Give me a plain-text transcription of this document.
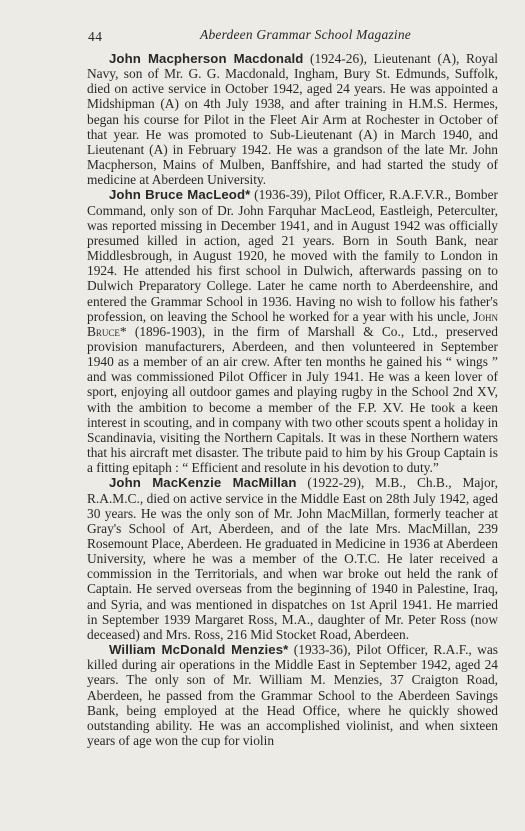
44	Aberdeen Grammar School Magazine

John Macpherson Macdonald (1924-26), Lieutenant (A), Royal Navy, son of Mr. G. G. Macdonald, Ingham, Bury St. Edmunds, Suffolk, died on active service in October 1942, aged 24 years. He was appointed a Midshipman (A) on 4th July 1938, and after training in H.M.S. Hermes, began his course for Pilot in the Fleet Air Arm at Rochester in October of that year. He was promoted to Sub-Lieutenant (A) in March 1940, and Lieutenant (A) in February 1942. He was a grandson of the late Mr. John Macpherson, Mains of Mulben, Banffshire, and had started the study of medicine at Aberdeen University.

John Bruce MacLeod* (1936-39), Pilot Officer, R.A.F.V.R., Bomber Command, only son of Dr. John Farquhar MacLeod, Eastleigh, Peterculter, was reported missing in December 1941, and in August 1942 was officially presumed killed in action, aged 21 years. Born in South Bank, near Middlesbrough, in August 1920, he moved with the family to London in 1924. He attended his first school in Dulwich, afterwards passing on to Dulwich Preparatory College. Later he came north to Aberdeenshire, and entered the Grammar School in 1936. Having no wish to follow his father's profession, on leaving the School he worked for a year with his uncle, John Bruce* (1896-1903), in the firm of Marshall & Co., Ltd., preserved provision manufacturers, Aberdeen, and then volunteered in September 1940 as a member of an air crew. After ten months he gained his “ wings ” and was commissioned Pilot Officer in July 1941. He was a keen lover of sport, enjoying all outdoor games and playing rugby in the School 2nd XV, with the ambition to become a member of the F.P. XV. He took a keen interest in scouting, and in company with two other scouts spent a holiday in Scandinavia, visiting the Northern Capitals. It was in these Northern waters that his aircraft met disaster. The tribute paid to him by his Group Captain is a fitting epitaph : “ Efficient and resolute in his devotion to duty.”

John MacKenzie MacMillan (1922-29), M.B., Ch.B., Major, R.A.M.C., died on active service in the Middle East on 28th July 1942, aged 30 years. He was the only son of Mr. John MacMillan, formerly teacher at Gray's School of Art, Aberdeen, and of the late Mrs. MacMillan, 239 Rosemount Place, Aberdeen. He graduated in Medicine in 1936 at Aberdeen University, where he was a member of the O.T.C. He later received a commission in the Territorials, and when war broke out held the rank of Captain. He served overseas from the beginning of 1940 in Palestine, Iraq, and Syria, and was mentioned in dispatches on 1st April 1941. He married in September 1939 Margaret Ross, M.A., daughter of Mr. Peter Ross (now deceased) and Mrs. Ross, 216 Mid Stocket Road, Aberdeen.

William McDonald Menzies* (1933-36), Pilot Officer, R.A.F., was killed during air operations in the Middle East in September 1942, aged 24 years. The only son of Mr. William M. Menzies, 37 Craigton Road, Aberdeen, he passed from the Grammar School to the Aberdeen Savings Bank, being employed at the Head Office, where he quickly showed outstanding ability. He was an accomplished violinist, and when sixteen years of age won the cup for violin
